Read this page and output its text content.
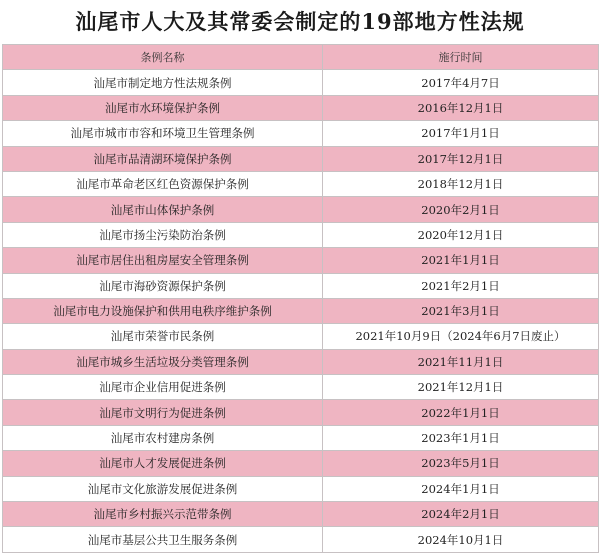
汕尾市人大及其常委会制定的19部地方性法规
条例名称	施行时间
汕尾市制定地方性法规条例	2017年4月7日
汕尾市水环境保护条例	2016年12月1日
汕尾市城市市容和环境卫生管理条例	2017年1月1日
汕尾市品清湖环境保护条例	2017年12月1日
汕尾市革命老区红色资源保护条例	2018年12月1日
汕尾市山体保护条例	2020年2月1日
汕尾市扬尘污染防治条例	2020年12月1日
汕尾市居住出租房屋安全管理条例	2021年1月1日
汕尾市海砂资源保护条例	2021年2月1日
汕尾市电力设施保护和供用电秩序维护条例	2021年3月1日
汕尾市荣誉市民条例	2021年10月9日（2024年6月7日废止）
汕尾市城乡生活垃圾分类管理条例	2021年11月1日
汕尾市企业信用促进条例	2021年12月1日
汕尾市文明行为促进条例	2022年1月1日
汕尾市农村建房条例	2023年1月1日
汕尾市人才发展促进条例	2023年5月1日
汕尾市文化旅游发展促进条例	2024年1月1日
汕尾市乡村振兴示范带条例	2024年2月1日
汕尾市基层公共卫生服务条例	2024年10月1日
